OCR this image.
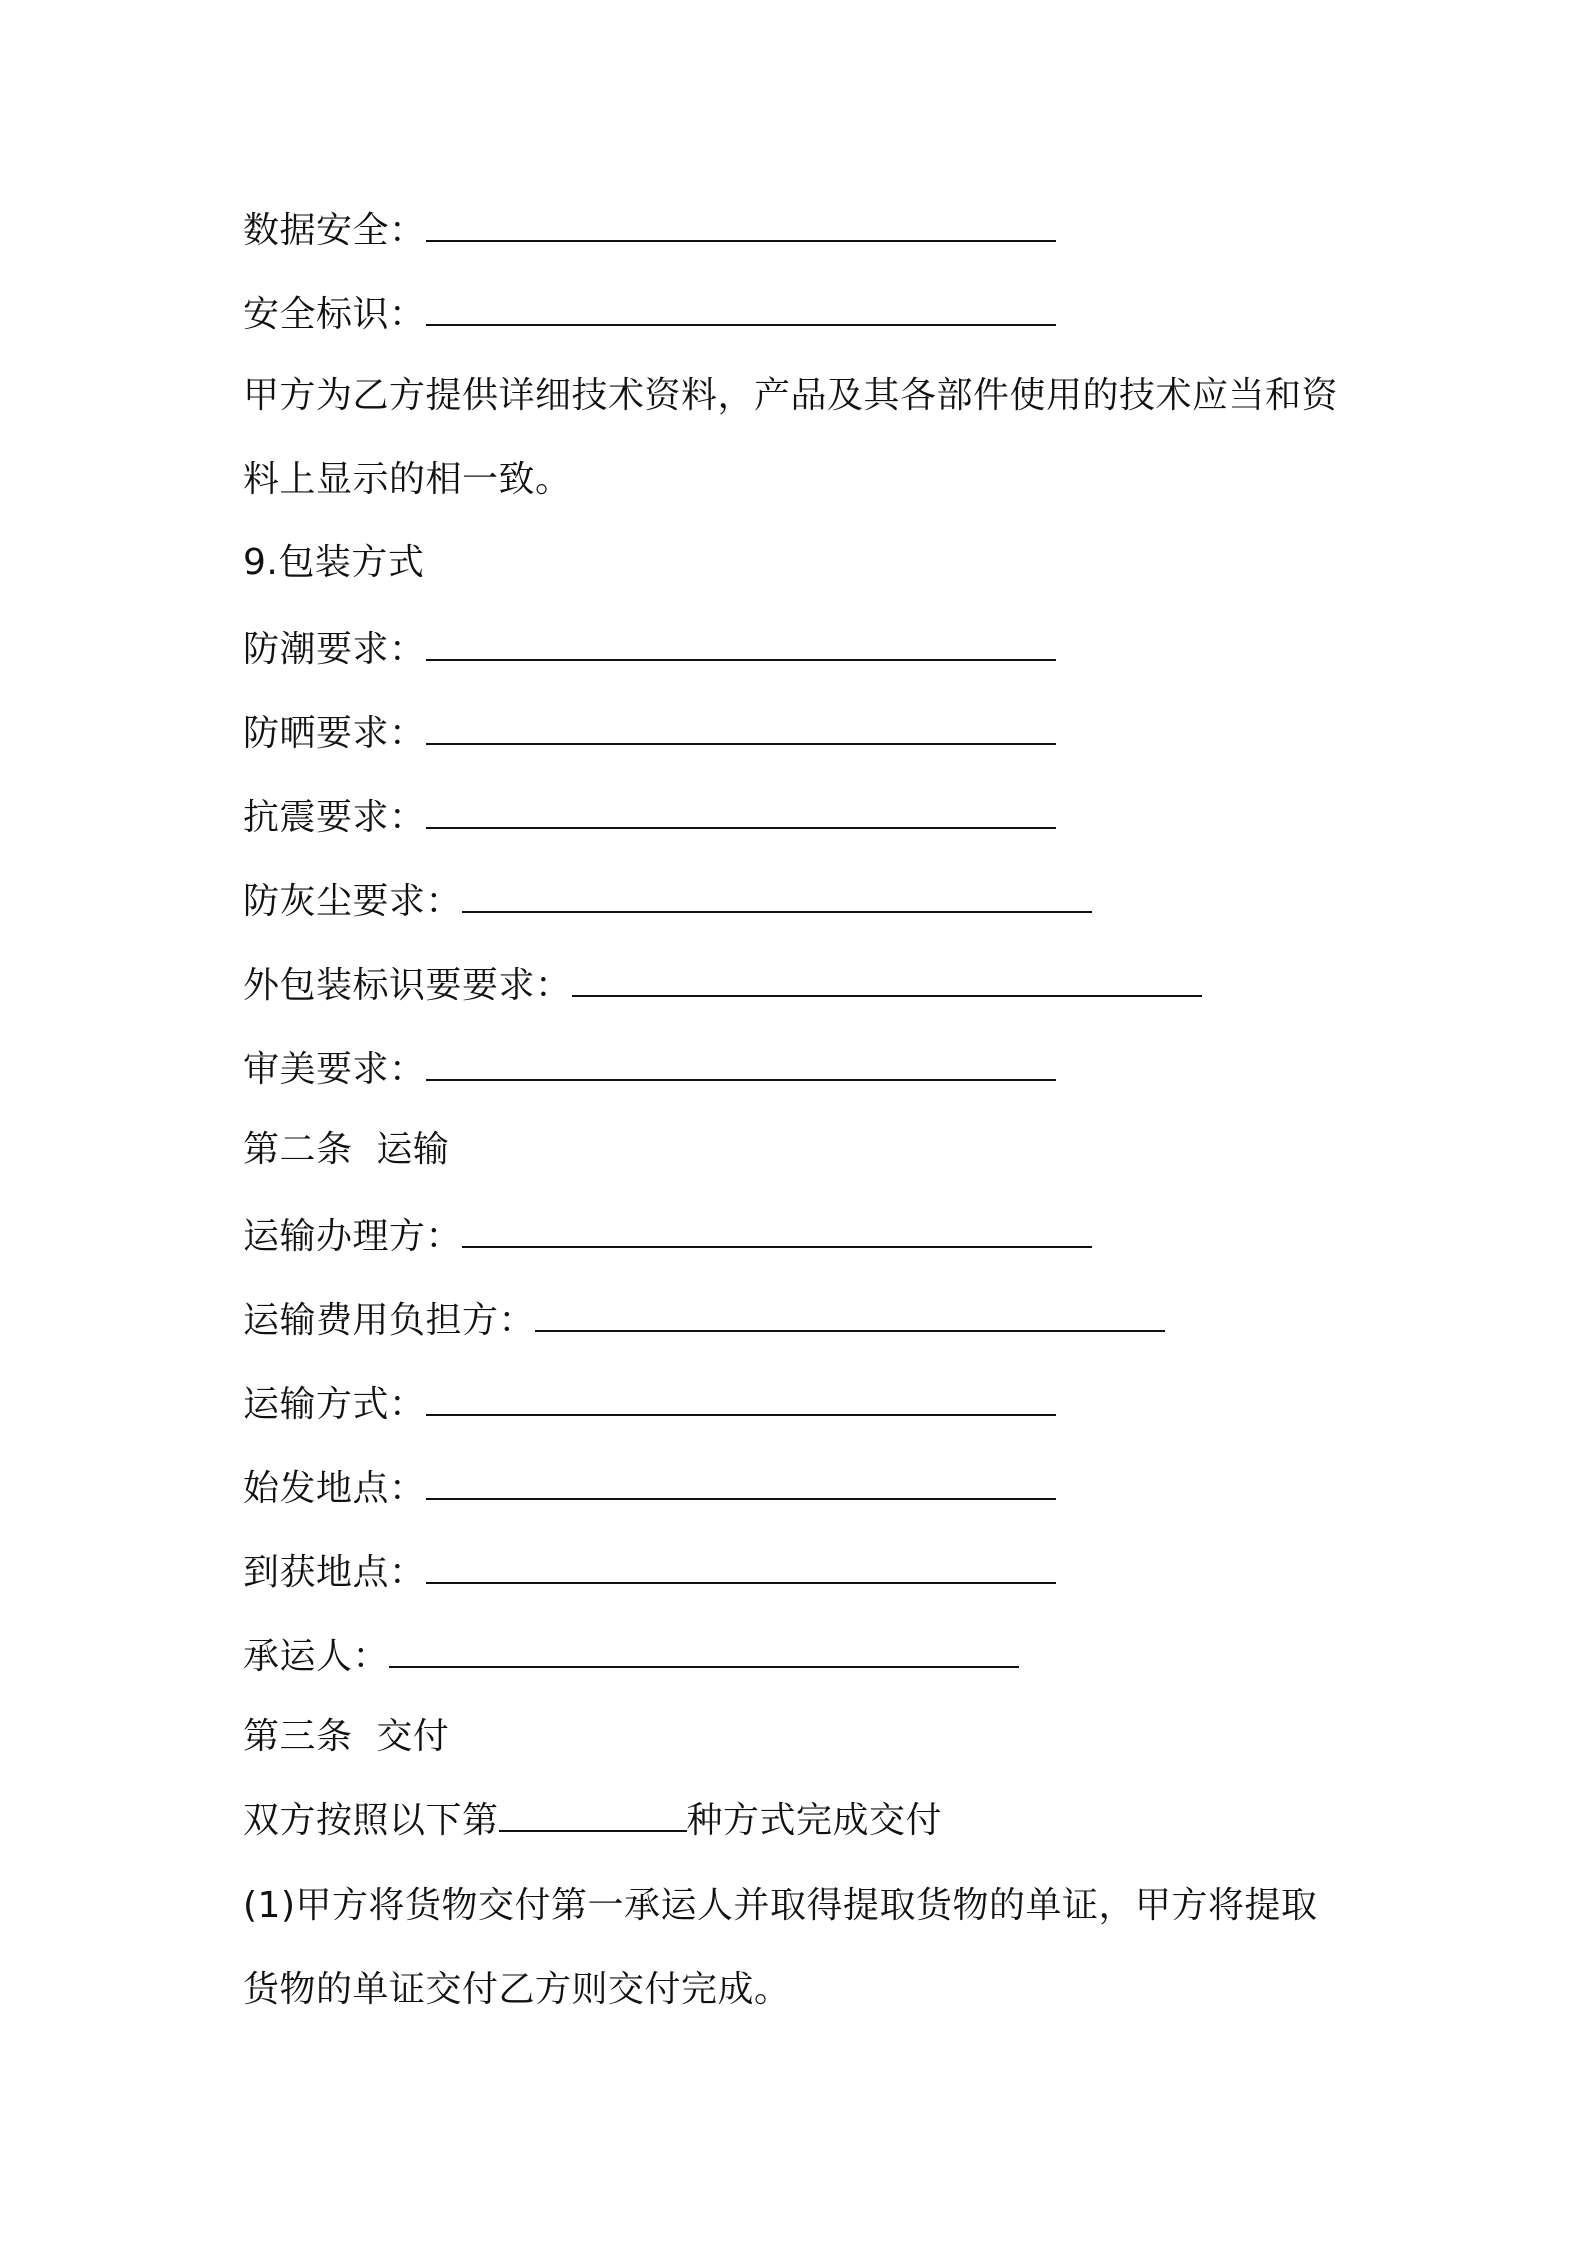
数据安全：
安全标识：
甲方为乙方提供详细技术资料，产品及其各部件使用的技术应当和资
料上显示的相一致。
9.包装方式
防潮要求：
防晒要求：
抗震要求：
防灰尘要求：
外包装标识要要求：
审美要求：
第二条  运输
运输办理方：
运输费用负担方：
运输方式：
始发地点：
到获地点：
承运人：
第三条  交付
双方按照以下第	种方式完成交付
(1)甲方将货物交付第一承运人并取得提取货物的单证，甲方将提取
货物的单证交付乙方则交付完成。
